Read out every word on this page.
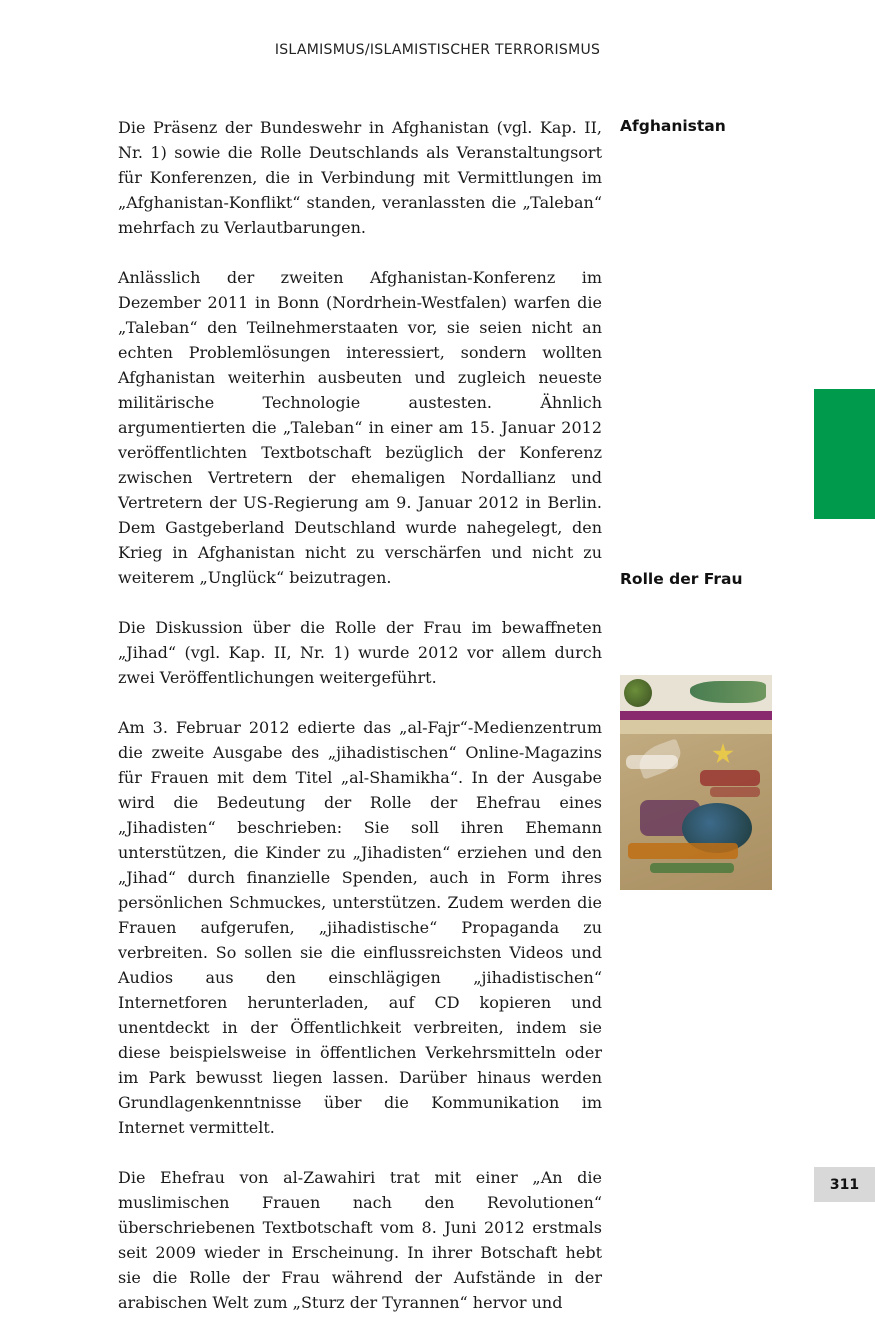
ISLAMISMUS/ISLAMISTISCHER TERRORISMUS

Die Präsenz der Bundeswehr in Afghanistan (vgl. Kap. II, Nr. 1) sowie die Rolle Deutschlands als Veranstaltungsort für Konferenzen, die in Verbindung mit Vermittlungen im „Afghanistan-Konflikt“ standen, veranlassten die „Taleban“ mehrfach zu Verlautbarungen.

Anlässlich der zweiten Afghanistan-Konferenz im Dezember 2011 in Bonn (Nordrhein-Westfalen) warfen die „Taleban“ den Teilnehmerstaaten vor, sie seien nicht an echten Problemlösungen interessiert, sondern wollten Afghanistan weiterhin ausbeuten und zugleich neueste militärische Technologie austesten. Ähnlich argumentierten die „Taleban“ in einer am 15. Januar 2012 veröffentlichten Textbotschaft bezüglich der Konferenz zwischen Vertretern der ehemaligen Nordallianz und Vertretern der US-Regierung am 9. Januar 2012 in Berlin. Dem Gastgeberland Deutschland wurde nahegelegt, den Krieg in Afghanistan nicht zu verschärfen und nicht zu weiterem „Unglück“ beizutragen.

Die Diskussion über die Rolle der Frau im bewaffneten „Jihad“ (vgl. Kap. II, Nr. 1) wurde 2012 vor allem durch zwei Veröffentlichungen weitergeführt.

Am 3. Februar 2012 edierte das „al-Fajr“-Medienzentrum die zweite Ausgabe des „jihadistischen“ Online-Magazins für Frauen mit dem Titel „al-Shamikha“. In der Ausgabe wird die Bedeutung der Rolle der Ehefrau eines „Jihadisten“ beschrieben: Sie soll ihren Ehemann unterstützen, die Kinder zu „Jihadisten“ erziehen und den „Jihad“ durch finanzielle Spenden, auch in Form ihres persönlichen Schmuckes, unterstützen. Zudem werden die Frauen aufgerufen, „jihadistische“ Propaganda zu verbreiten. So sollen sie die einflussreichsten Videos und Audios aus den einschlägigen „jihadistischen“ Internetforen herunterladen, auf CD kopieren und unentdeckt in der Öffentlichkeit verbreiten, indem sie diese beispielsweise in öffentlichen Verkehrsmitteln oder im Park bewusst liegen lassen. Darüber hinaus werden Grundlagenkenntnisse über die Kommunikation im Internet vermittelt.

Die Ehefrau von al-Zawahiri trat mit einer „An die muslimischen Frauen nach den Revolutionen“ überschriebenen Textbotschaft vom 8. Juni 2012 erstmals seit 2009 wieder in Erscheinung. In ihrer Botschaft hebt sie die Rolle der Frau während der Aufstände in der arabischen Welt zum „Sturz der Tyrannen“ hervor und

Afghanistan
Rolle der Frau
311
